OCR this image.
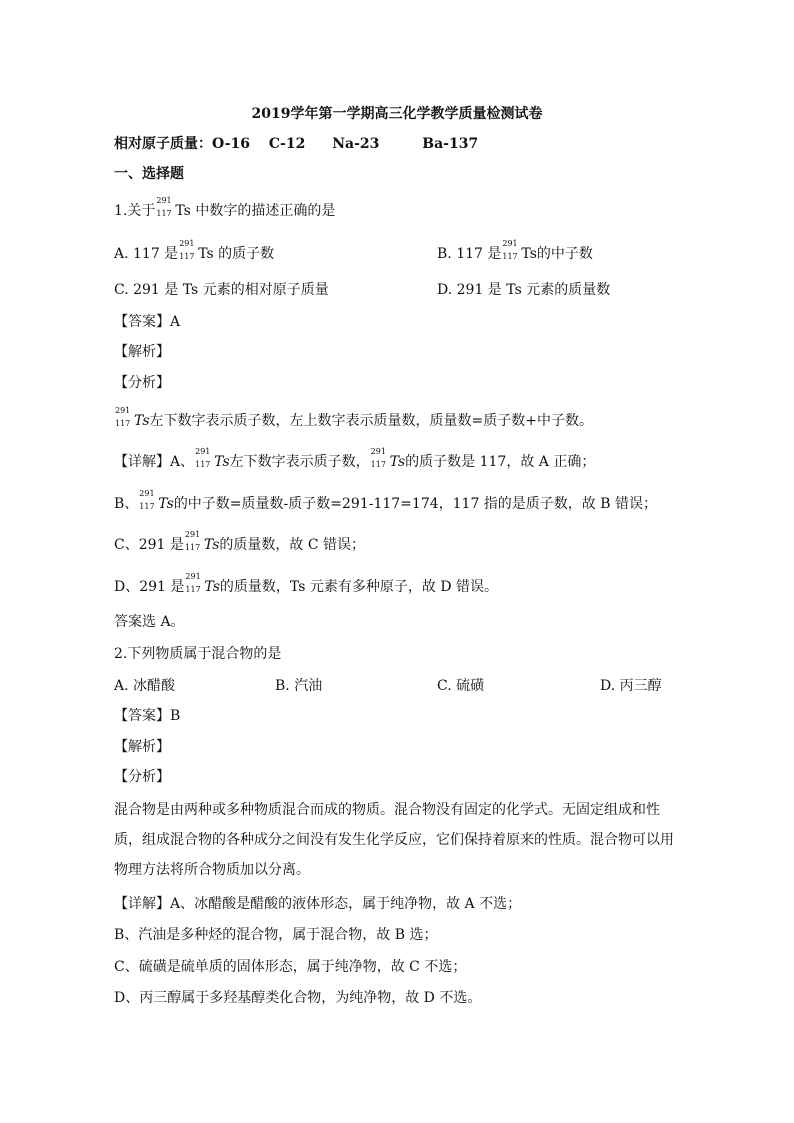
2019学年第一学期高三化学教学质量检测试卷
相对原子质量：O-16 C-12 Na-23	Ba-137
一、选择题
1.关于
291
117 Ts 中数字的描述正确的是
A. 117 是
291
117 Ts 的质子数	B. 117 是
291
117 Ts的中子数
C. 291 是 Ts 元素的相对原子质量	D. 291 是 Ts 元素的质量数
【答案】A
【解析】
【分析】
291
117 Ts左下数字表示质子数，左上数字表示质量数，质量数=质子数+中子数。
【详解】A、
291
117 Ts左下数字表示质子数，
291
117 Ts的质子数是 117，故 A 正确；
B、
291
117 Ts的中子数=质量数-质子数=291-117=174，117 指的是质子数，故 B 错误；
C、291 是
291
117 Ts的质量数，故 C 错误；
D、291 是
291
117 Ts的质量数，Ts 元素有多种原子，故 D 错误。
答案选 A。
2.下列物质属于混合物的是
A. 冰醋酸	B. 汽油	C. 硫磺	D. 丙三醇
【答案】B
【解析】
【分析】
混合物是由两种或多种物质混合而成的物质。混合物没有固定的化学式。无固定组成和性质，组成混合物的各种成分之间没有发生化学反应，它们保持着原来的性质。混合物可以用物理方法将所合物质加以分离。
【详解】A、冰醋酸是醋酸的液体形态，属于纯净物，故 A 不选；
B、汽油是多种烃的混合物，属于混合物，故 B 选；
C、硫磺是硫单质的固体形态，属于纯净物，故 C 不选；
D、丙三醇属于多羟基醇类化合物，为纯净物，故 D 不选。
